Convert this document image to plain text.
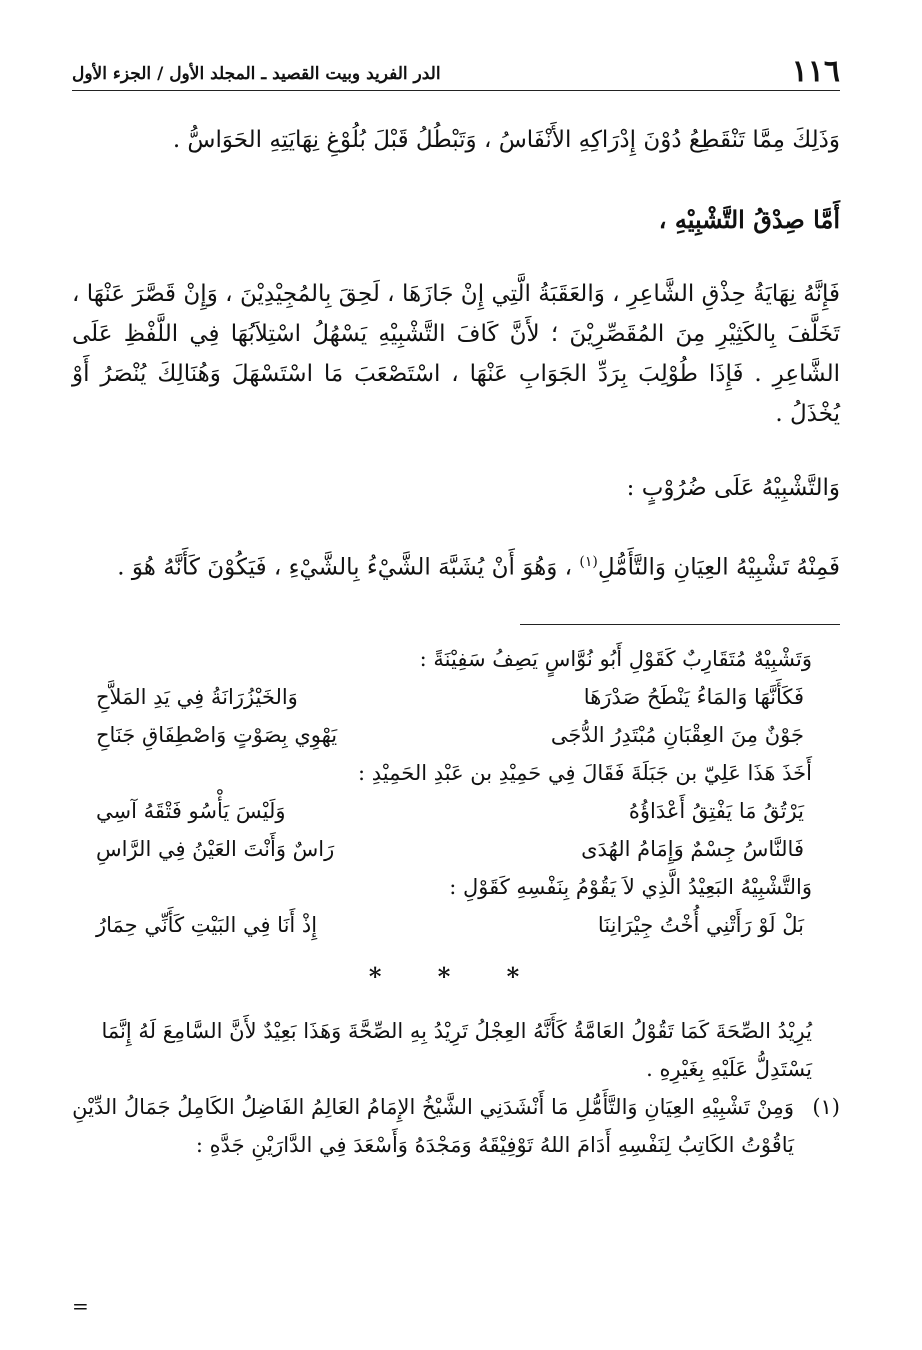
١١٦
الدر الفريد وبيت القصيد ـ المجلد الأول / الجزء الأول

وَذَلِكَ مِمَّا تَنْقَطِعُ دُوْنَ إِدْرَاكِهِ الأَنْفَاسُ ، وَتَبْطُلُ قَبْلَ بُلُوْغِ نِهَايَتِهِ الحَوَاسُّ .

أَمَّا صِدْقُ التَّشْبِيْهِ ،

فَإِنَّهُ نِهَايَةُ حِذْقِ الشَّاعِرِ ، وَالعَقَبَةُ الَّتِي إِنْ جَازَهَا ، لَحِقَ بِالمُجِيْدِيْنَ ، وَإِنْ قَصَّرَ عَنْهَا ، تَخَلَّفَ بِالكَثِيْرِ مِنَ المُقَصِّرِيْنَ ؛ لأَنَّ كَافَ التَّشْبِيْهِ يَسْهُلُ اسْتِلاَبُهَا فِي اللَّفْظِ عَلَى الشَّاعِرِ . فَإِذَا طُوْلِبَ بِرَدِّ الجَوَابِ عَنْهَا ، اسْتَصْعَبَ مَا اسْتَسْهَلَ وَهُنَالِكَ يُنْصَرُ أَوْ يُخْذَلُ .

وَالتَّشْبِيْهُ عَلَى ضُرُوْبٍ :

فَمِنْهُ تَشْبِيْهُ العِيَانِ وَالتَّأَمُّلِ$^{(١)}$ ، وَهُوَ أَنْ يُشَبَّهَ الشَّيْءُ بِالشَّيْءِ ، فَيَكُوْنَ كَأَنَّهُ هُوَ .

وَتَشْبِيْهٌ مُتَقَارِبٌ كَقَوْلِ أَبُو نُوَّاسٍ يَصِفُ سَفِيْنَةً :

فَكَأَنَّهَا وَالمَاءُ يَنْطَحُ صَدْرَهَا
وَالخَيْزُرَانَةُ فِي يَدِ المَلاَّحِ
جَوْنٌ مِنَ العِقْبَانِ مُبْتَدِرُ الدُّجَى
يَهْوِي بِصَوْتٍ وَاصْطِفَاقِ جَنَاحِ

أَخَذَ هَذَا عَلِيّ بن جَبَلَةَ فَقَالَ فِي حَمِيْدِ بن عَبْدِ الحَمِيْدِ :

يَرْتُقُ مَا يَفْتِقُ أَعْدَاؤُهُ
وَلَيْسَ يَأْسُو فَتْقَهُ آسِي
فَالنَّاسُ جِسْمٌ وَإِمَامُ الهُدَى
رَاسٌ وَأَنْتَ العَيْنُ فِي الرَّاسِ

وَالتَّشْبِيْهُ البَعِيْدُ الَّذِي لاَ يَقُوْمُ بِنَفْسِهِ كَقَوْلِ :

بَلْ لَوْ رَأَتْنِي أُخْتُ جِيْرَانِنَا
إِذْ أَنَا فِي البَيْتِ كَأَنِّي حِمَارُ
* * *

يُرِيْدُ الصِّحَةَ كَمَا تَقُوْلُ العَامَّةُ كَأَنَّهُ العِجْلُ تَرِيْدُ بِهِ الصِّحَّةَ وَهَذَا بَعِيْدٌ لأَنَّ السَّامِعَ لَهُ إِنَّمَا يَسْتَدِلُّ عَلَيْهِ بِغَيْرِهِ .

(١)
وَمِنْ تَشْبِيْهِ العِيَانِ وَالتَّأَمُّلِ مَا أَنْشَدَنِي الشَّيْخُ الإِمَامُ العَالِمُ الفَاضِلُ الكَامِلُ جَمَالُ الدِّيْنِ يَاقُوْتُ الكَاتِبُ لِنَفْسِهِ أَدَامَ اللهُ تَوْفِيْقَهُ وَمَجْدَهُ وَأَسْعَدَ فِي الدَّارَيْنِ جَدَّهِ :
=
